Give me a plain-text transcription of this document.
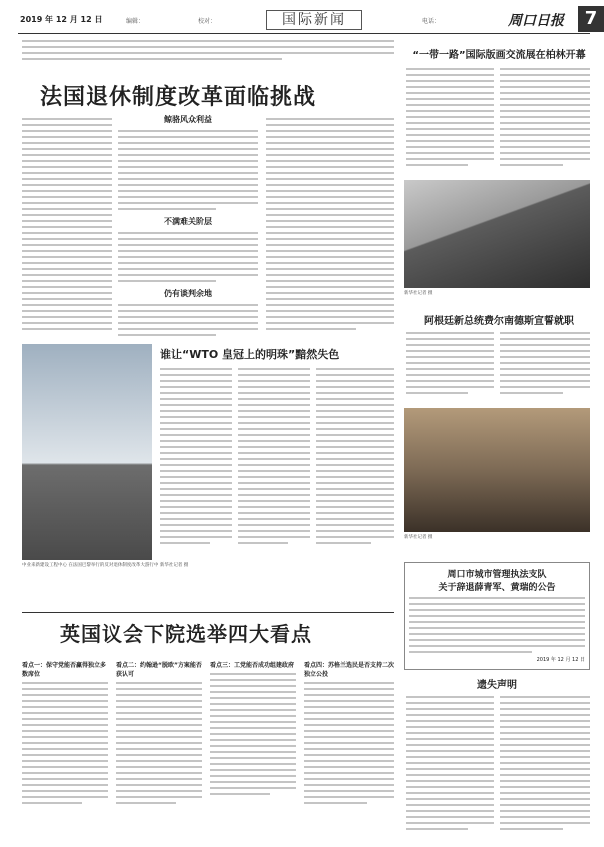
2019 年 12 月 12 日	编辑：	校对：	国际新闻	电话：	周口日报	7
法国退休制度改革面临挑战
鲸骆风众利益
不满难关阶层
仍有谈判余地
中业来新建设工程中心 在法国巴黎举行的反对退休制度改革大游行中 新华社记者 摄
谁让“WTO 皇冠上的明珠”黯然失色
“一带一路”国际版画交流展在柏林开幕
新华社记者 摄
阿根廷新总统费尔南德斯宣誓就职
新华社记者 摄
周口市城市管理执法支队
关于辞退薛青军、黄瑞的公告
2019 年 12 月 12 日
遗失声明
英国议会下院选举四大看点
看点一：保守党能否赢得独立多数席位
看点二：约翰逊“脱欧”方案能否获认可
看点三：工党能否成功组建政府	看点四：苏格兰选民是否支持二次独立公投
